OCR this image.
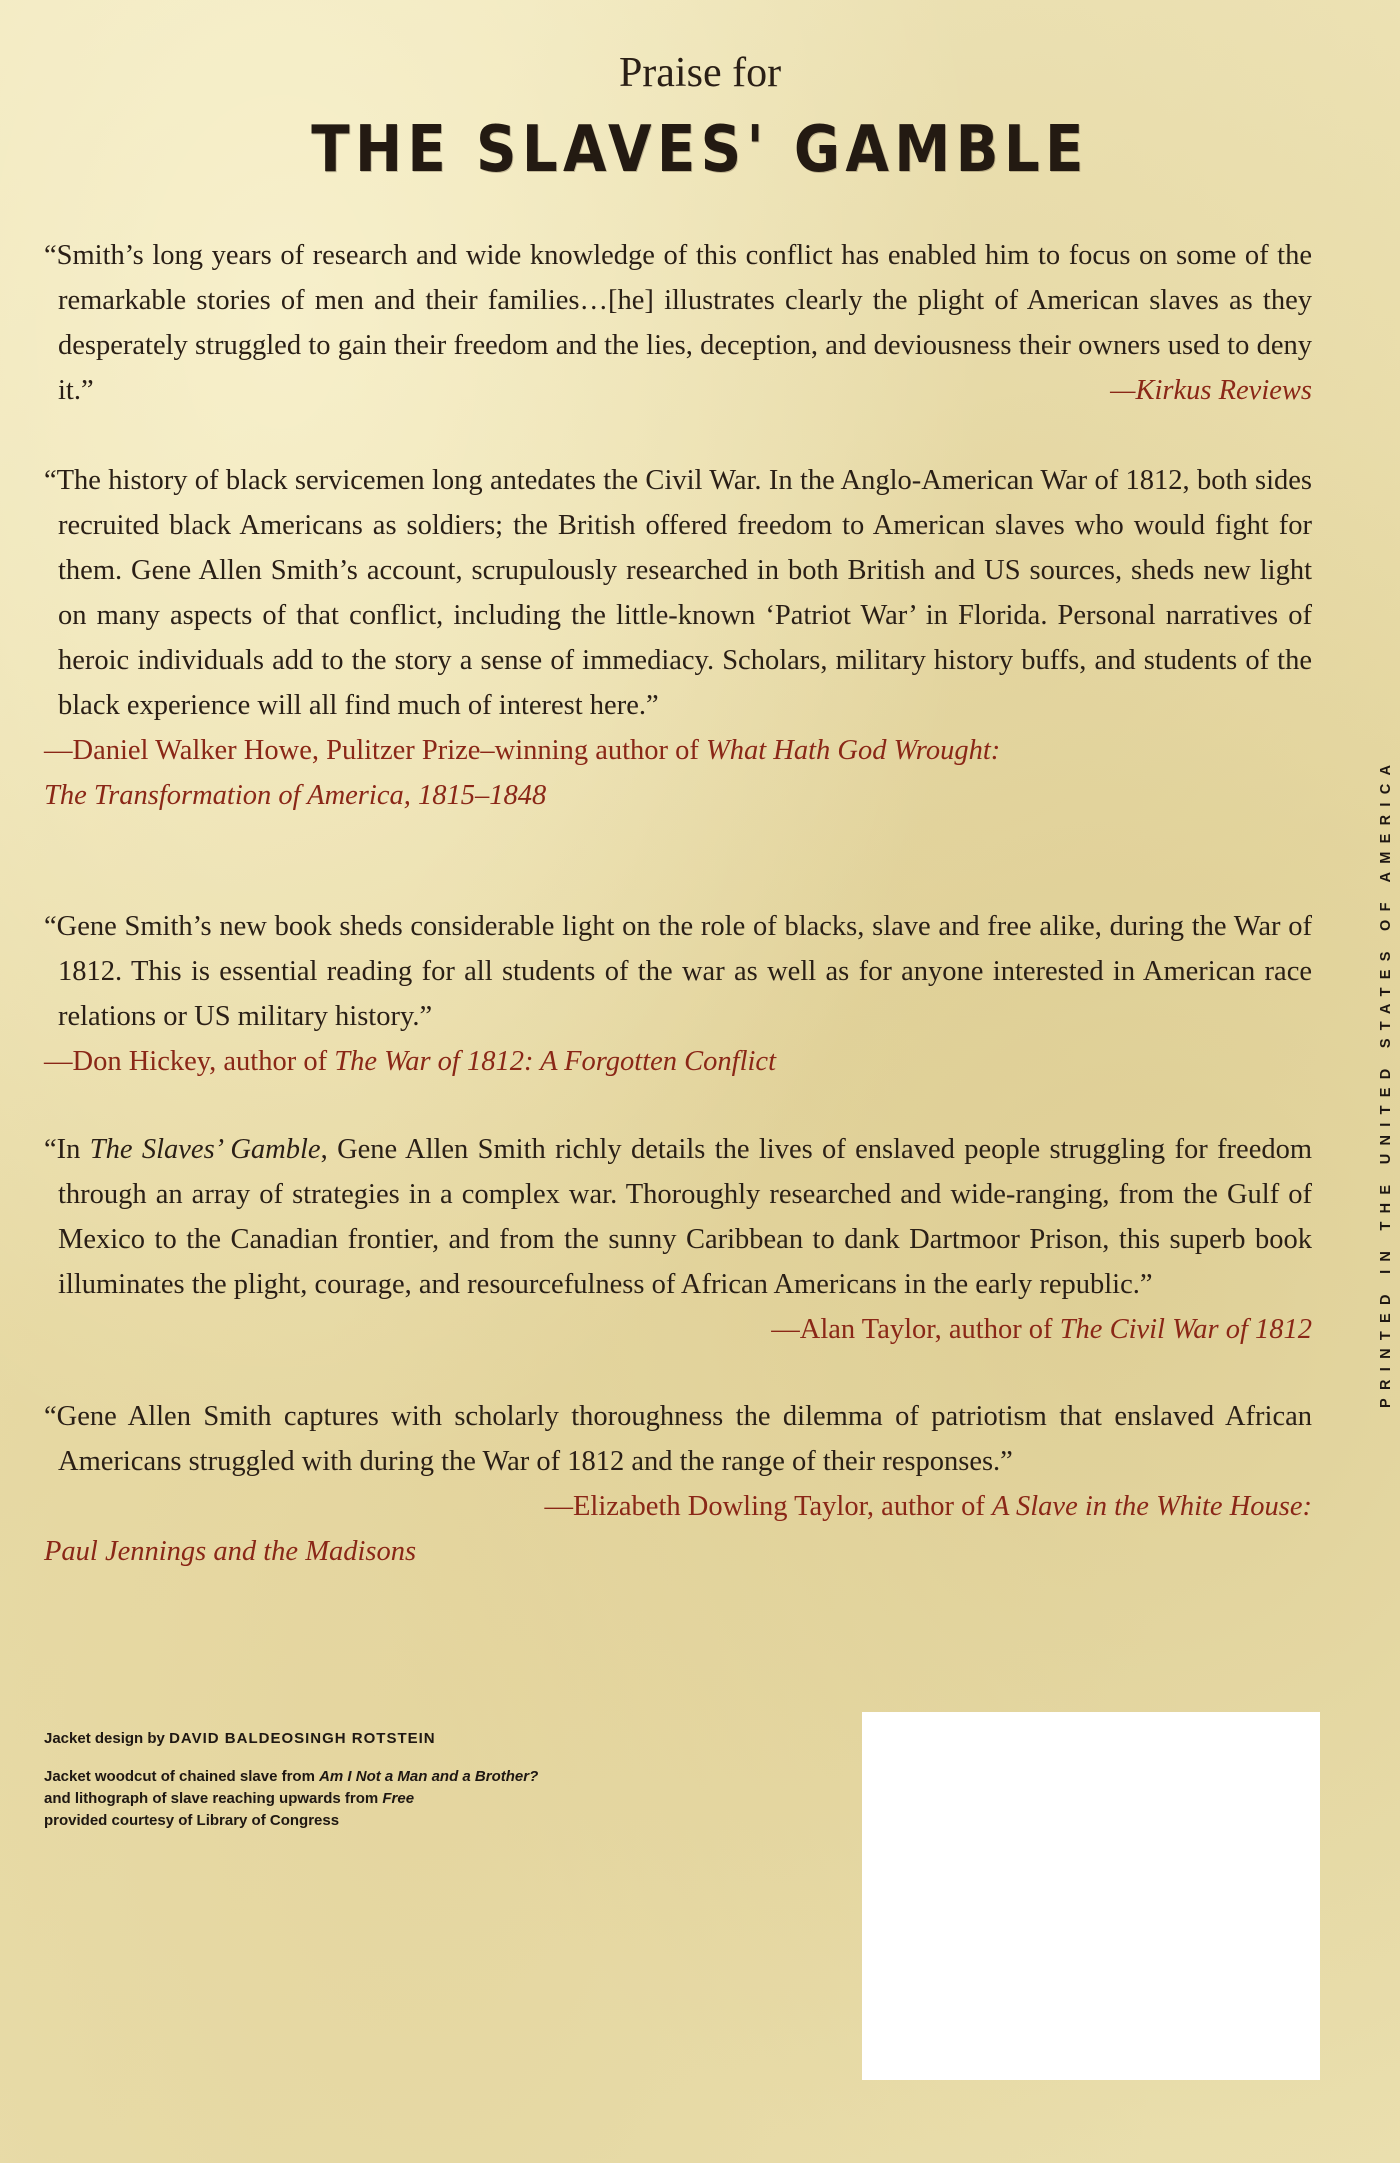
Praise for
THE SLAVES' GAMBLE
“Smith’s long years of research and wide knowledge of this conflict has enabled him to focus on some of the remarkable stories of men and their families…[he] illustrates clearly the plight of American slaves as they desperately struggled to gain their freedom and the lies, deception, and deviousness their owners used to deny it.”	—Kirkus Reviews
“The history of black servicemen long antedates the Civil War. In the Anglo-American War of 1812, both sides recruited black Americans as soldiers; the British offered freedom to American slaves who would fight for them. Gene Allen Smith’s account, scrupulously researched in both British and US sources, sheds new light on many aspects of that conflict, including the little-known ‘Patriot War’ in Florida. Personal narratives of heroic individuals add to the story a sense of immediacy. Scholars, military history buffs, and students of the black experience will all find much of interest here.”
—Daniel Walker Howe, Pulitzer Prize–winning author of What Hath God Wrought:
The Transformation of America, 1815–1848
“Gene Smith’s new book sheds considerable light on the role of blacks, slave and free alike, during the War of 1812. This is essential reading for all students of the war as well as for anyone interested in American race relations or US military history.”
—Don Hickey, author of The War of 1812: A Forgotten Conflict
“In The Slaves’ Gamble, Gene Allen Smith richly details the lives of enslaved people struggling for freedom through an array of strategies in a complex war. Thoroughly researched and wide-ranging, from the Gulf of Mexico to the Canadian frontier, and from the sunny Caribbean to dank Dartmoor Prison, this superb book illuminates the plight, courage, and resourcefulness of African Americans in the early republic.”
—Alan Taylor, author of The Civil War of 1812
“Gene Allen Smith captures with scholarly thoroughness the dilemma of patriotism that enslaved African Americans struggled with during the War of 1812 and the range of their responses.”
—Elizabeth Dowling Taylor, author of A Slave in the White House:
Paul Jennings and the Madisons
Jacket design by DAVID BALDEOSINGH ROTSTEIN
Jacket woodcut of chained slave from Am I Not a Man and a Brother?
and lithograph of slave reaching upwards from Free
provided courtesy of Library of Congress
PRINTED IN THE UNITED STATES OF AMERICA
